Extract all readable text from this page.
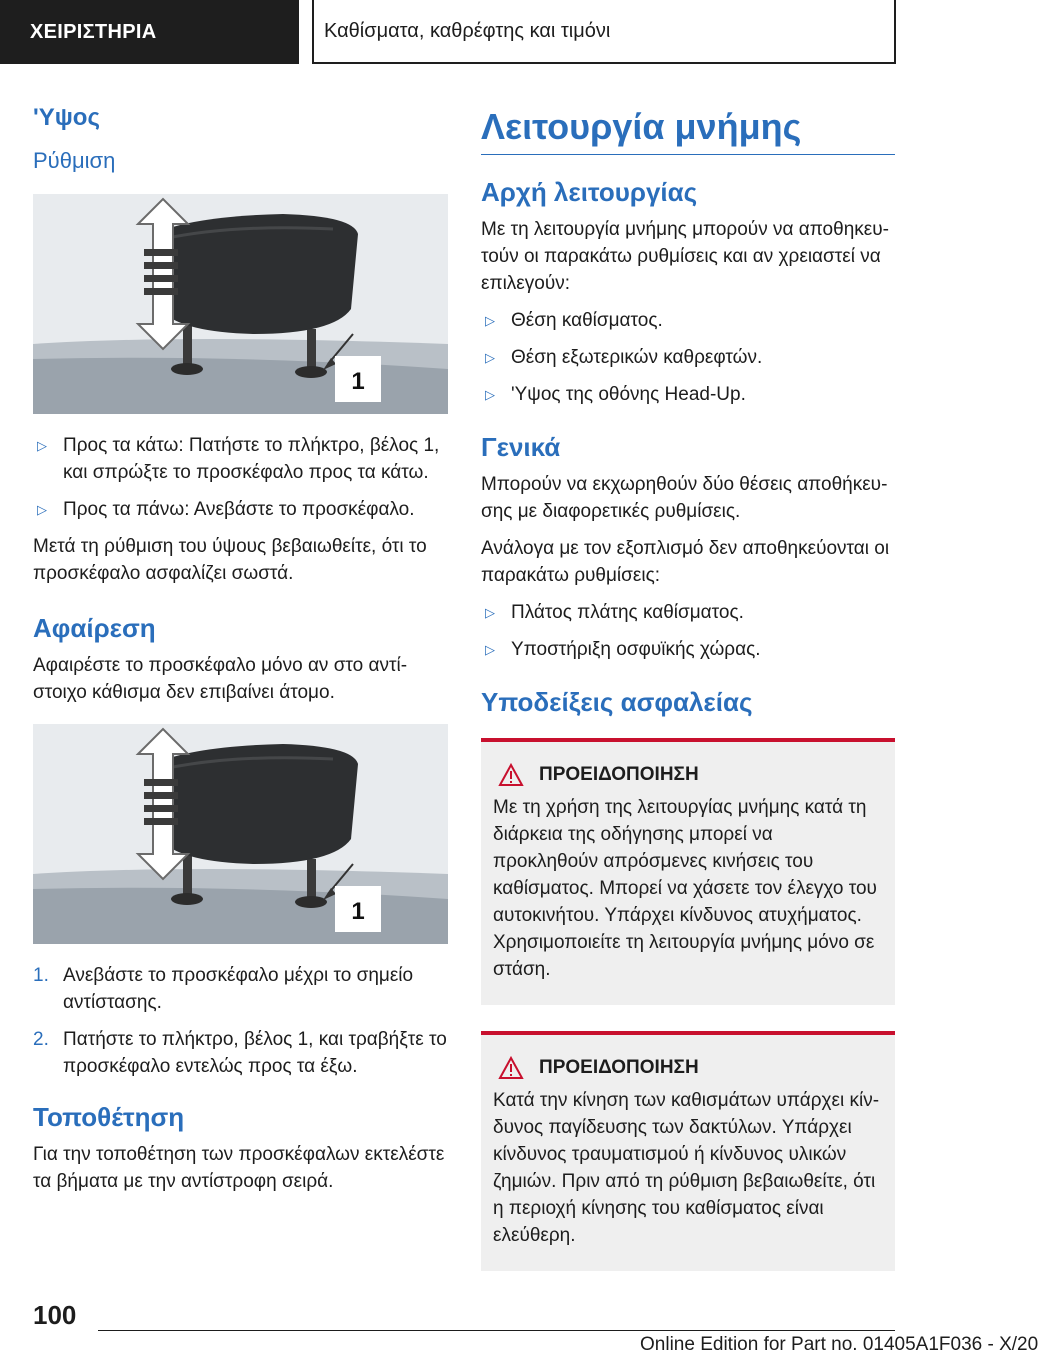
ΧΕΙΡΙΣΤΗΡΙΑ	Καθίσματα, καθρέφτης και τιμόνι
'Υψος
Ρύθμιση
1
▷ Προς τα κάτω: Πατήστε το πλήκτρο, βέλος 1, και σπρώξτε το προσκέφαλο προς τα κάτω.
▷ Προς τα πάνω: Ανεβάστε το προσκέφαλο.

Μετά τη ρύθμιση του ύψους βεβαιωθείτε, ότι το προσκέφαλο ασφαλίζει σωστά.

Αφαίρεση

Αφαιρέστε το προσκέφαλο μόνο αν στο αντίστοιχο κάθισμα δεν επιβαίνει άτομο.

1
1. Ανεβάστε το προσκέφαλο μέχρι το σημείο αντίστασης.
2. Πατήστε το πλήκτρο, βέλος 1, και τραβήξτε το προσκέφαλο εντελώς προς τα έξω.
Τοποθέτηση

Για την τοποθέτηση των προσκέφαλων εκτελέστε τα βήματα με την αντίστροφη σειρά.

Λειτουργία μνήμης
Αρχή λειτουργίας

Με τη λειτουργία μνήμης μπορούν να αποθηκευτούν οι παρακάτω ρυθμίσεις και αν χρειαστεί να επιλεγούν:

▷ Θέση καθίσματος.
▷ Θέση εξωτερικών καθρεφτών.
▷ 'Υψος της οθόνης Head-Up.
Γενικά

Μπορούν να εκχωρηθούν δύο θέσεις αποθήκευσης με διαφορετικές ρυθμίσεις.

Ανάλογα με τον εξοπλισμό δεν αποθηκεύονται οι παρακάτω ρυθμίσεις:

▷ Πλάτος πλάτης καθίσματος.
▷ Υποστήριξη οσφυϊκής χώρας.
Υποδείξεις ασφαλείας
ΠΡΟΕΙΔΟΠΟΙΗΣΗ

Με τη χρήση της λειτουργίας μνήμης κατά τη διάρκεια της οδήγησης μπορεί να προκληθούν απρόσμενες κινήσεις του καθίσματος. Μπορεί να χάσετε τον έλεγχο του αυτοκινήτου. Υπάρχει κίνδυνος ατυχήματος. Χρησιμοποιείτε τη λειτουργία μνήμης μόνο σε στάση.

ΠΡΟΕΙΔΟΠΟΙΗΣΗ

Κατά την κίνηση των καθισμάτων υπάρχει κίνδυνος παγίδευσης των δακτύλων. Υπάρχει κίνδυνος τραυματισμού ή κίνδυνος υλικών ζημιών. Πριν από τη ρύθμιση βεβαιωθείτε, ότι η περιοχή κίνησης του καθίσματος είναι ελεύθερη.

100
Online Edition for Part no. 01405A1F036 - X/20
